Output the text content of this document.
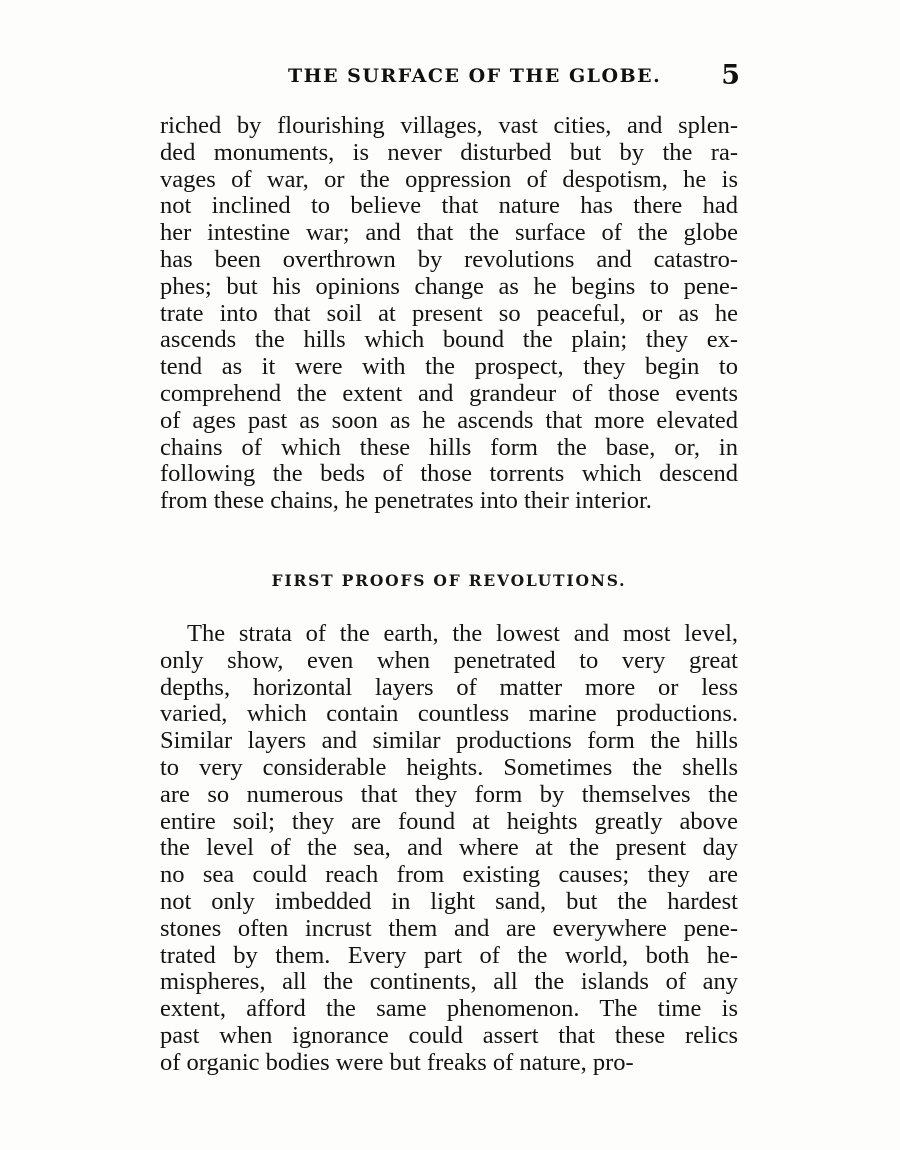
THE SURFACE OF THE GLOBE. 5
riched by flourishing villages, vast cities, and splen-
ded monuments, is never disturbed but by the ra-
vages of war, or the oppression of despotism, he is
not inclined to believe that nature has there had
her intestine war; and that the surface of the globe
has been overthrown by revolutions and catastro-
phes; but his opinions change as he begins to pene-
trate into that soil at present so peaceful, or as he
ascends the hills which bound the plain; they ex-
tend as it were with the prospect, they begin to
comprehend the extent and grandeur of those events
of ages past as soon as he ascends that more elevated
chains of which these hills form the base, or, in
following the beds of those torrents which descend
from these chains, he penetrates into their interior.
FIRST PROOFS OF REVOLUTIONS.
The strata of the earth, the lowest and most level,
only show, even when penetrated to very great
depths, horizontal layers of matter more or less
varied, which contain countless marine productions.
Similar layers and similar productions form the hills
to very considerable heights. Sometimes the shells
are so numerous that they form by themselves the
entire soil; they are found at heights greatly above
the level of the sea, and where at the present day
no sea could reach from existing causes; they are
not only imbedded in light sand, but the hardest
stones often incrust them and are everywhere pene-
trated by them. Every part of the world, both he-
mispheres, all the continents, all the islands of any
extent, afford the same phenomenon. The time is
past when ignorance could assert that these relics
of organic bodies were but freaks of nature, pro-
